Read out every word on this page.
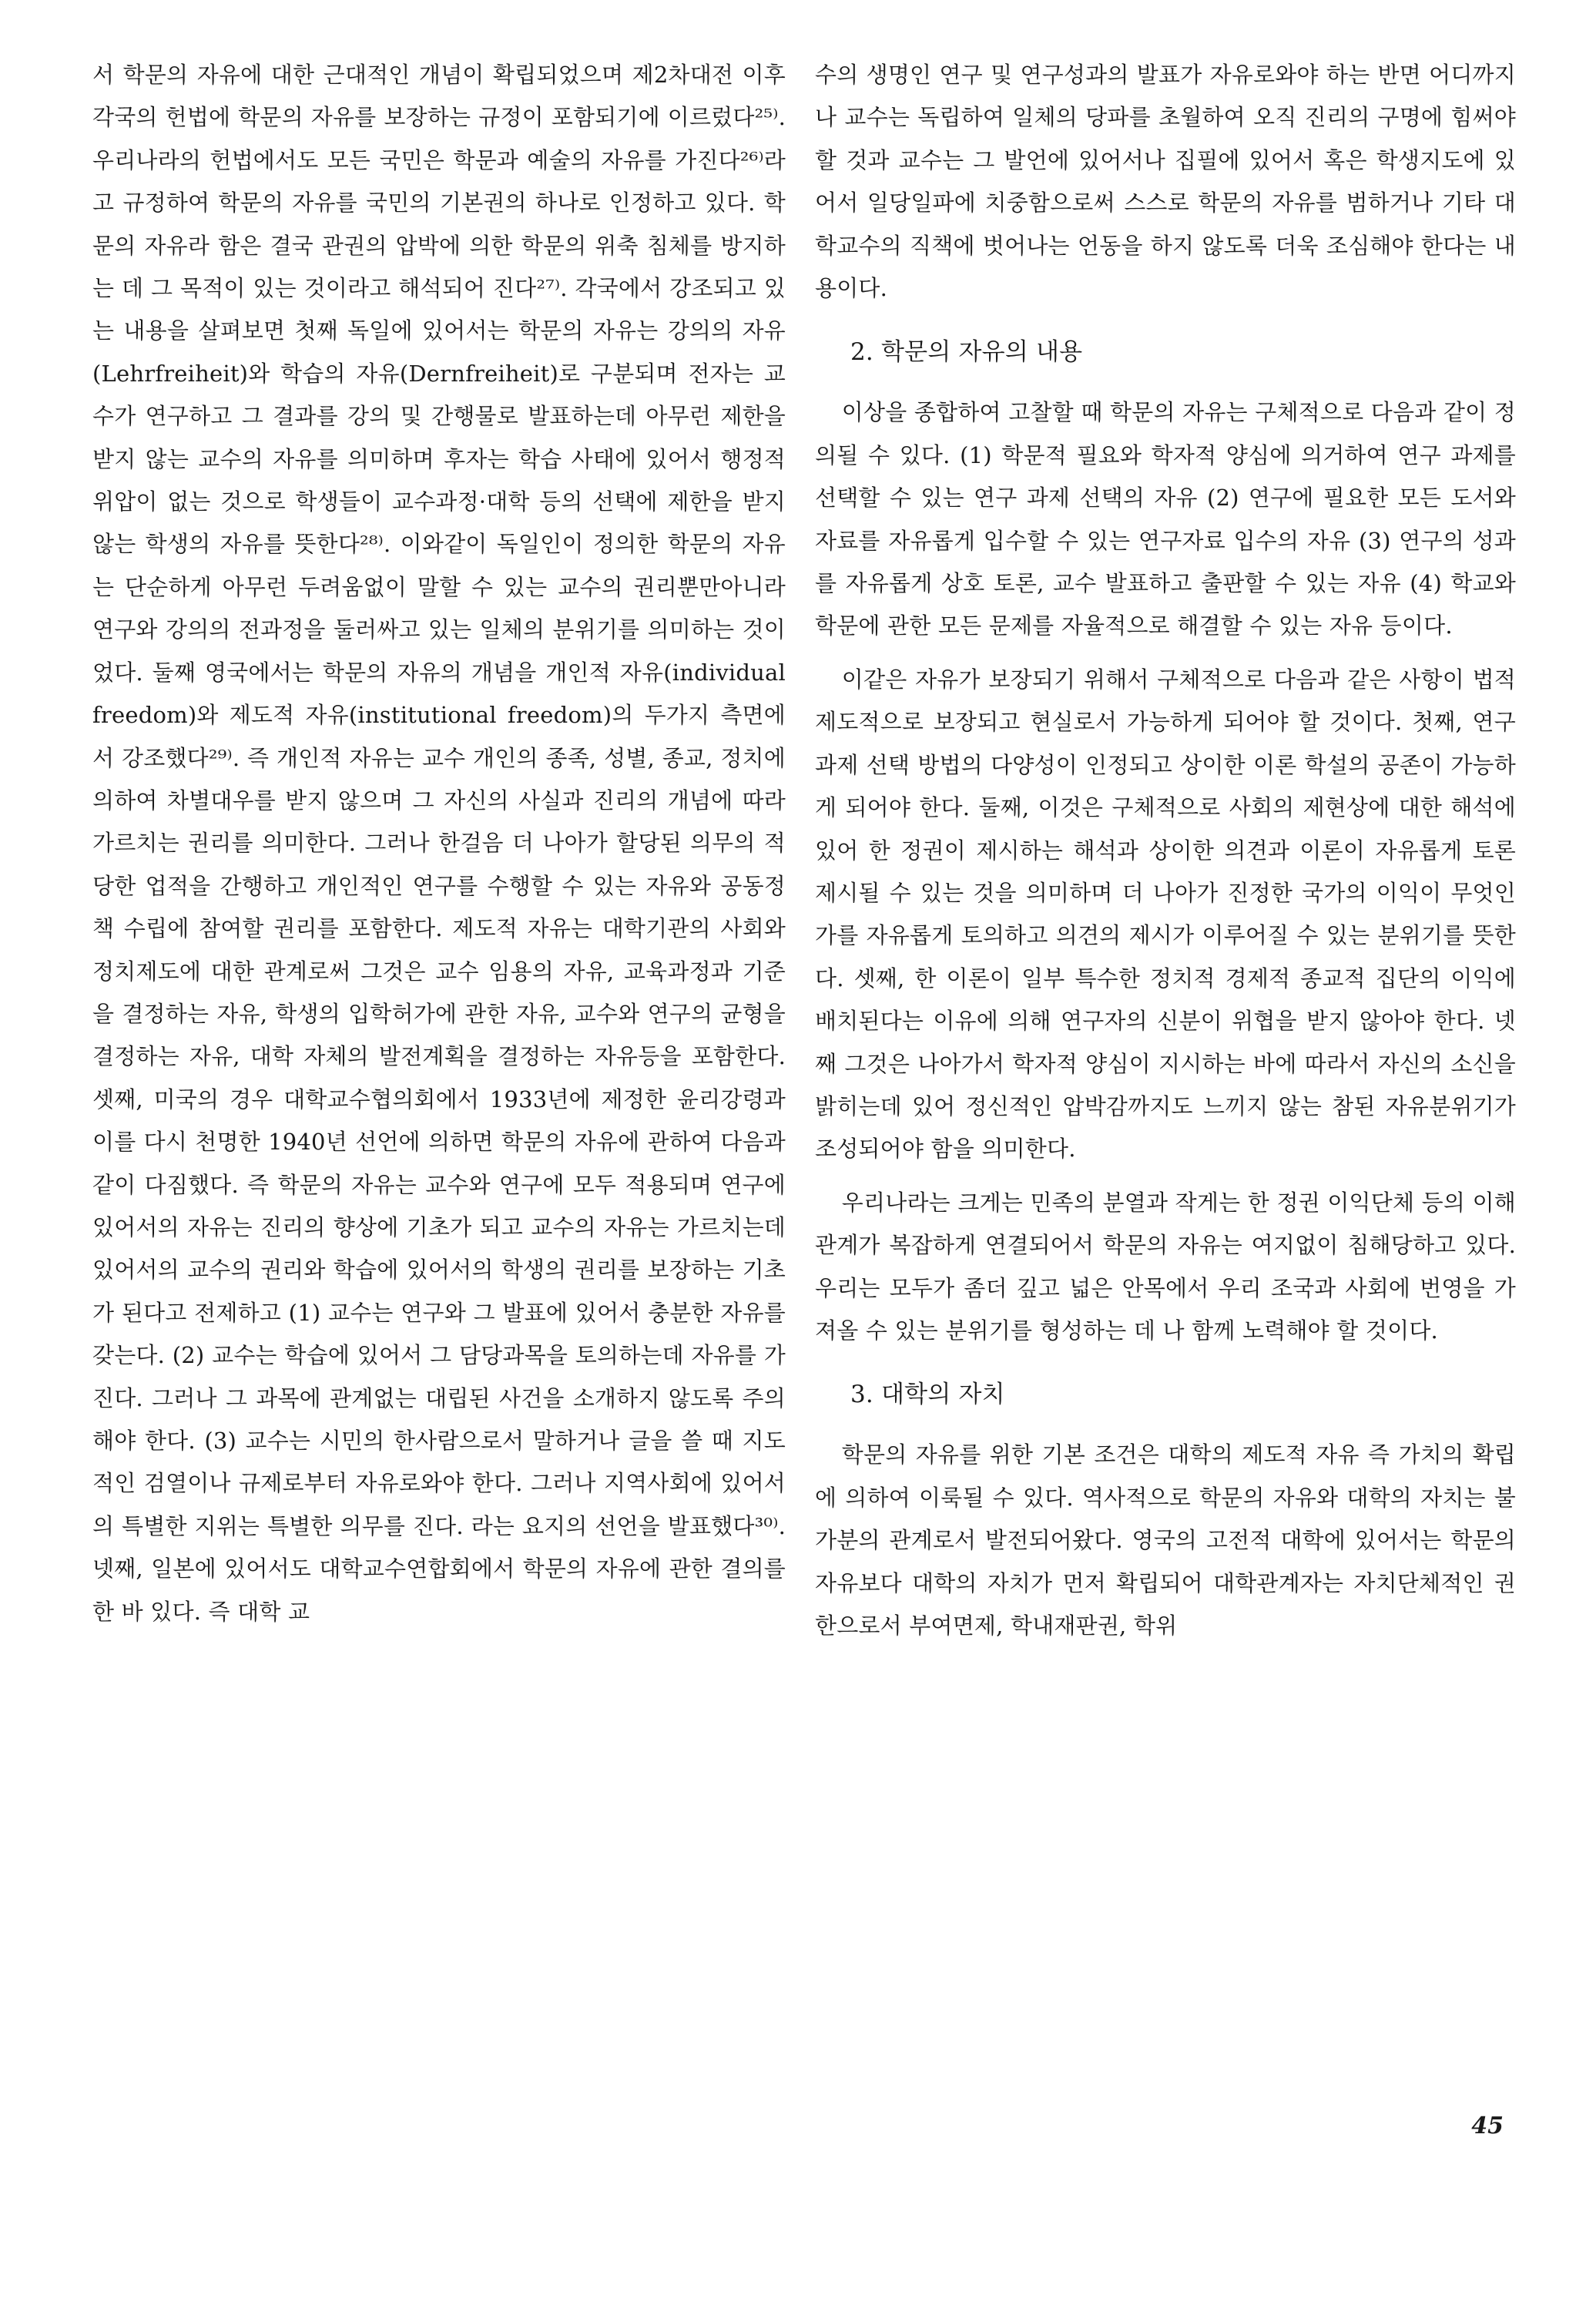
서 학문의 자유에 대한 근대적인 개념이 확립되었으며 제2차대전 이후 각국의 헌법에 학문의 자유를 보장하는 규정이 포함되기에 이르렀다²⁵⁾. 우리나라의 헌법에서도 모든 국민은 학문과 예술의 자유를 가진다²⁶⁾라고 규정하여 학문의 자유를 국민의 기본권의 하나로 인정하고 있다. 학문의 자유라 함은 결국 관권의 압박에 의한 학문의 위축 침체를 방지하는 데 그 목적이 있는 것이라고 해석되어 진다²⁷⁾. 각국에서 강조되고 있는 내용을 살펴보면 첫째 독일에 있어서는 학문의 자유는 강의의 자유(Lehrfreiheit)와 학습의 자유(Dernfreiheit)로 구분되며 전자는 교수가 연구하고 그 결과를 강의 및 간행물로 발표하는데 아무런 제한을 받지 않는 교수의 자유를 의미하며 후자는 학습 사태에 있어서 행정적 위압이 없는 것으로 학생들이 교수과정·대학 등의 선택에 제한을 받지 않는 학생의 자유를 뜻한다²⁸⁾. 이와같이 독일인이 정의한 학문의 자유는 단순하게 아무런 두려움없이 말할 수 있는 교수의 권리뿐만아니라 연구와 강의의 전과정을 둘러싸고 있는 일체의 분위기를 의미하는 것이었다. 둘째 영국에서는 학문의 자유의 개념을 개인적 자유(individual freedom)와 제도적 자유(institutional freedom)의 두가지 측면에서 강조했다²⁹⁾. 즉 개인적 자유는 교수 개인의 종족, 성별, 종교, 정치에 의하여 차별대우를 받지 않으며 그 자신의 사실과 진리의 개념에 따라 가르치는 권리를 의미한다. 그러나 한걸음 더 나아가 할당된 의무의 적당한 업적을 간행하고 개인적인 연구를 수행할 수 있는 자유와 공동정책 수립에 참여할 권리를 포함한다. 제도적 자유는 대학기관의 사회와 정치제도에 대한 관계로써 그것은 교수 임용의 자유, 교육과정과 기준을 결정하는 자유, 학생의 입학허가에 관한 자유, 교수와 연구의 균형을 결정하는 자유, 대학 자체의 발전계획을 결정하는 자유등을 포함한다. 셋째, 미국의 경우 대학교수협의회에서 1933년에 제정한 윤리강령과 이를 다시 천명한 1940년 선언에 의하면 학문의 자유에 관하여 다음과 같이 다짐했다. 즉 학문의 자유는 교수와 연구에 모두 적용되며 연구에 있어서의 자유는 진리의 향상에 기초가 되고 교수의 자유는 가르치는데 있어서의 교수의 권리와 학습에 있어서의 학생의 권리를 보장하는 기초가 된다고 전제하고 (1) 교수는 연구와 그 발표에 있어서 충분한 자유를 갖는다. (2) 교수는 학습에 있어서 그 담당과목을 토의하는데 자유를 가진다. 그러나 그 과목에 관계없는 대립된 사건을 소개하지 않도록 주의해야 한다. (3) 교수는 시민의 한사람으로서 말하거나 글을 쓸 때 지도적인 검열이나 규제로부터 자유로와야 한다. 그러나 지역사회에 있어서의 특별한 지위는 특별한 의무를 진다. 라는 요지의 선언을 발표했다³⁰⁾. 넷째, 일본에 있어서도 대학교수연합회에서 학문의 자유에 관한 결의를 한 바 있다. 즉 대학 교

수의 생명인 연구 및 연구성과의 발표가 자유로와야 하는 반면 어디까지나 교수는 독립하여 일체의 당파를 초월하여 오직 진리의 구명에 힘써야 할 것과 교수는 그 발언에 있어서나 집필에 있어서 혹은 학생지도에 있어서 일당일파에 치중함으로써 스스로 학문의 자유를 범하거나 기타 대학교수의 직책에 벗어나는 언동을 하지 않도록 더욱 조심해야 한다는 내용이다.

2. 학문의 자유의 내용

이상을 종합하여 고찰할 때 학문의 자유는 구체적으로 다음과 같이 정의될 수 있다. (1) 학문적 필요와 학자적 양심에 의거하여 연구 과제를 선택할 수 있는 연구 과제 선택의 자유 (2) 연구에 필요한 모든 도서와 자료를 자유롭게 입수할 수 있는 연구자료 입수의 자유 (3) 연구의 성과를 자유롭게 상호 토론, 교수 발표하고 출판할 수 있는 자유 (4) 학교와 학문에 관한 모든 문제를 자율적으로 해결할 수 있는 자유 등이다.

이같은 자유가 보장되기 위해서 구체적으로 다음과 같은 사항이 법적 제도적으로 보장되고 현실로서 가능하게 되어야 할 것이다. 첫째, 연구과제 선택 방법의 다양성이 인정되고 상이한 이론 학설의 공존이 가능하게 되어야 한다. 둘째, 이것은 구체적으로 사회의 제현상에 대한 해석에 있어 한 정권이 제시하는 해석과 상이한 의견과 이론이 자유롭게 토론 제시될 수 있는 것을 의미하며 더 나아가 진정한 국가의 이익이 무엇인가를 자유롭게 토의하고 의견의 제시가 이루어질 수 있는 분위기를 뜻한다. 셋째, 한 이론이 일부 특수한 정치적 경제적 종교적 집단의 이익에 배치된다는 이유에 의해 연구자의 신분이 위협을 받지 않아야 한다. 넷째 그것은 나아가서 학자적 양심이 지시하는 바에 따라서 자신의 소신을 밝히는데 있어 정신적인 압박감까지도 느끼지 않는 참된 자유분위기가 조성되어야 함을 의미한다.

우리나라는 크게는 민족의 분열과 작게는 한 정권 이익단체 등의 이해관계가 복잡하게 연결되어서 학문의 자유는 여지없이 침해당하고 있다. 우리는 모두가 좀더 깊고 넓은 안목에서 우리 조국과 사회에 번영을 가져올 수 있는 분위기를 형성하는 데 나 함께 노력해야 할 것이다.

3. 대학의 자치

학문의 자유를 위한 기본 조건은 대학의 제도적 자유 즉 가치의 확립에 의하여 이룩될 수 있다. 역사적으로 학문의 자유와 대학의 자치는 불가분의 관계로서 발전되어왔다. 영국의 고전적 대학에 있어서는 학문의 자유보다 대학의 자치가 먼저 확립되어 대학관계자는 자치단체적인 권한으로서 부여면제, 학내재판권, 학위

45
